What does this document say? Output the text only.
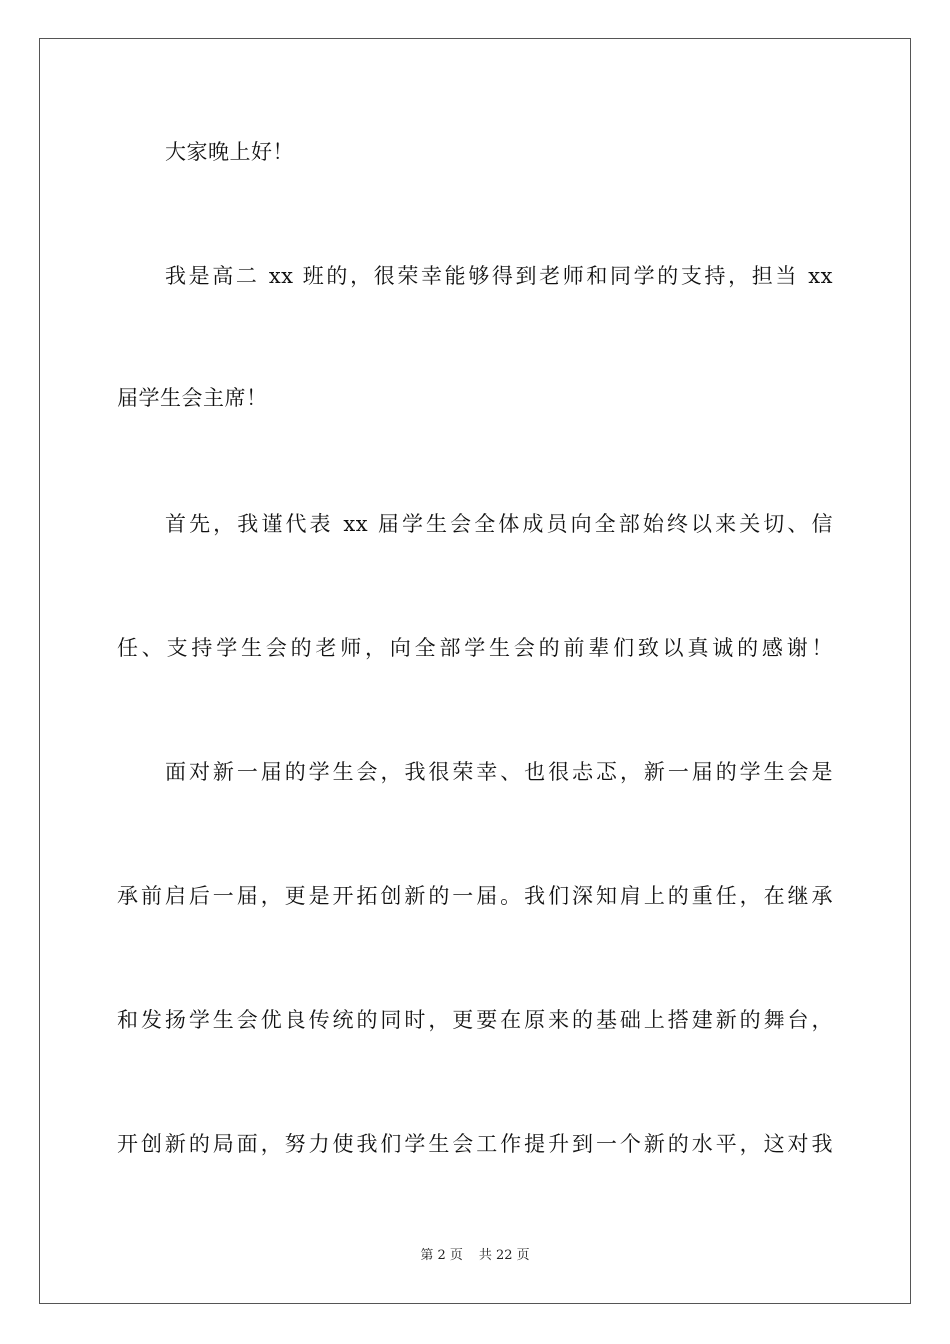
大家晚上好！
我是高二 xx 班的，很荣幸能够得到老师和同学的支持，担当 xx
届学生会主席！
首先，我谨代表 xx 届学生会全体成员向全部始终以来关切、信
任、支持学生会的老师，向全部学生会的前辈们致以真诚的感谢！
面对新一届的学生会，我很荣幸、也很忐忑，新一届的学生会是
承前启后一届，更是开拓创新的一届。我们深知肩上的重任，在继承
和发扬学生会优良传统的同时，更要在原来的基础上搭建新的舞台，
开创新的局面，努力使我们学生会工作提升到一个新的水平，这对我
第 2 页 共 22 页
